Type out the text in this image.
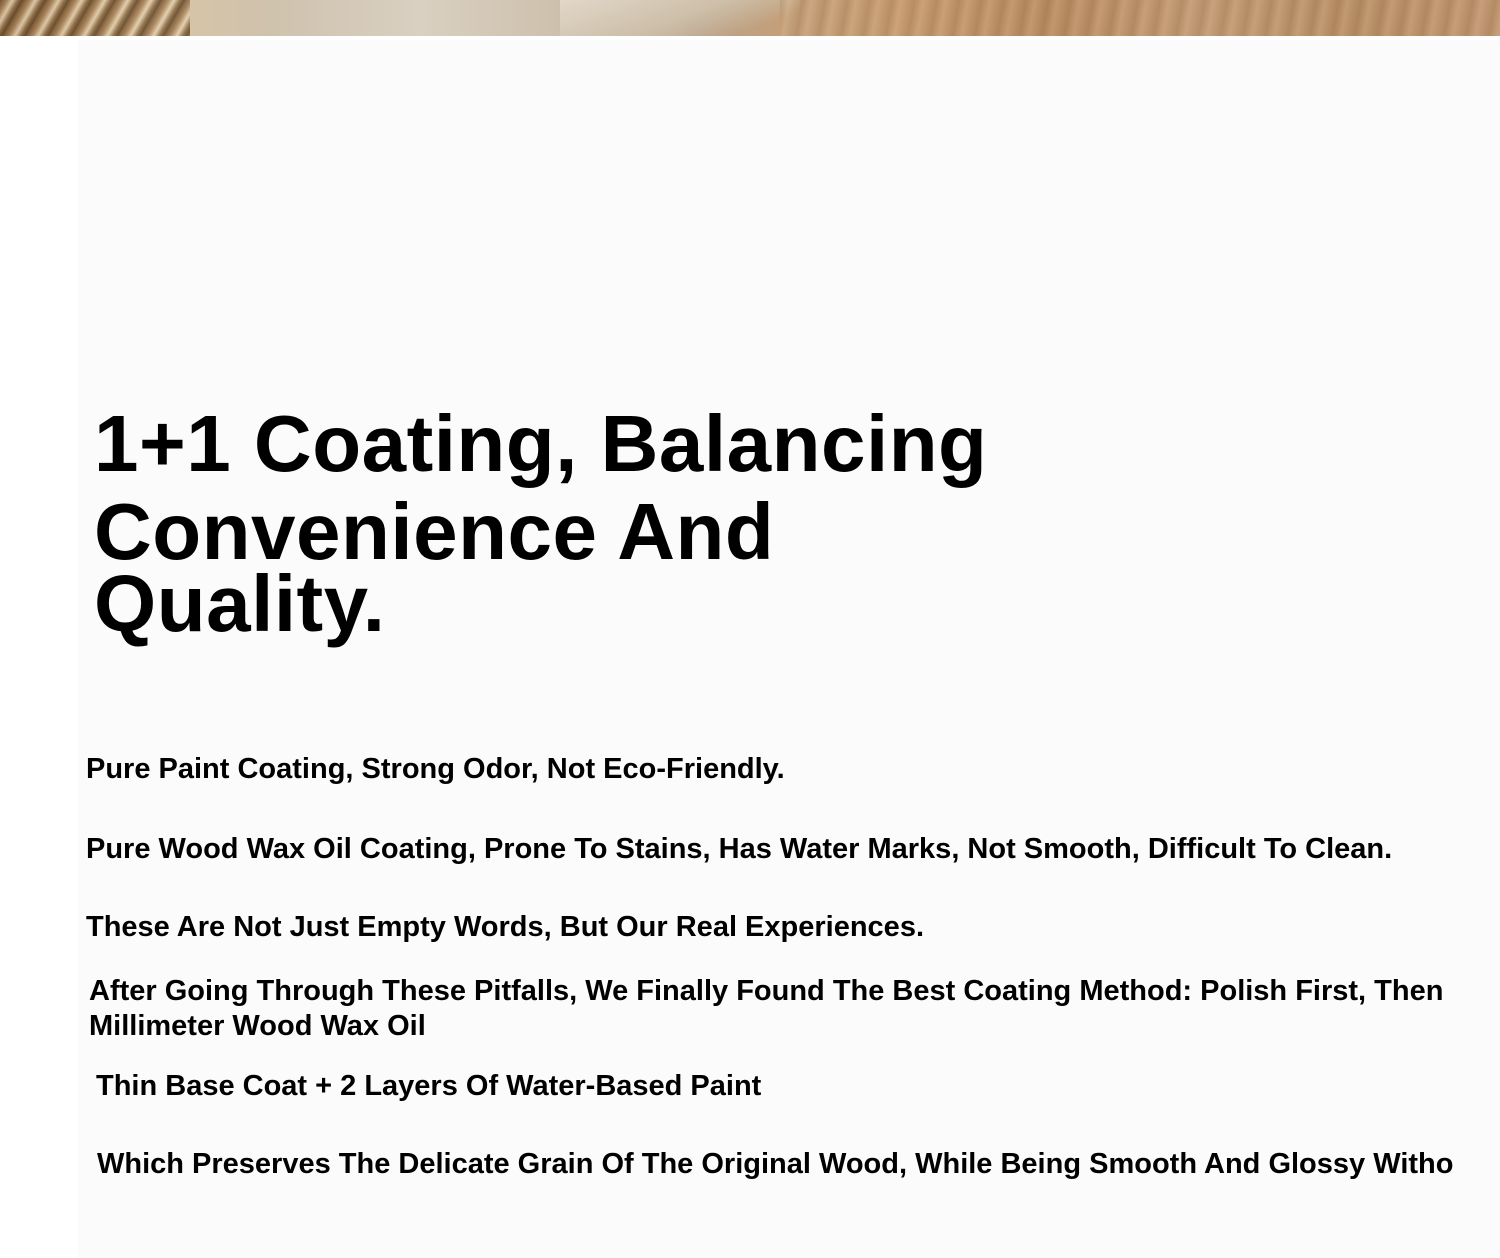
1+1 Coating, Balancing
Convenience And
Quality.

Pure Paint Coating, Strong Odor, Not Eco-Friendly.

Pure Wood Wax Oil Coating, Prone To Stains, Has Water Marks, Not Smooth, Difficult To Clean.

These Are Not Just Empty Words, But Our Real Experiences.

After Going Through These Pitfalls, We Finally Found The Best Coating Method: Polish First, Then Millimeter Wood Wax Oil

Thin Base Coat + 2 Layers Of Water-Based Paint

Which Preserves The Delicate Grain Of The Original Wood, While Being Smooth And Glossy Witho
